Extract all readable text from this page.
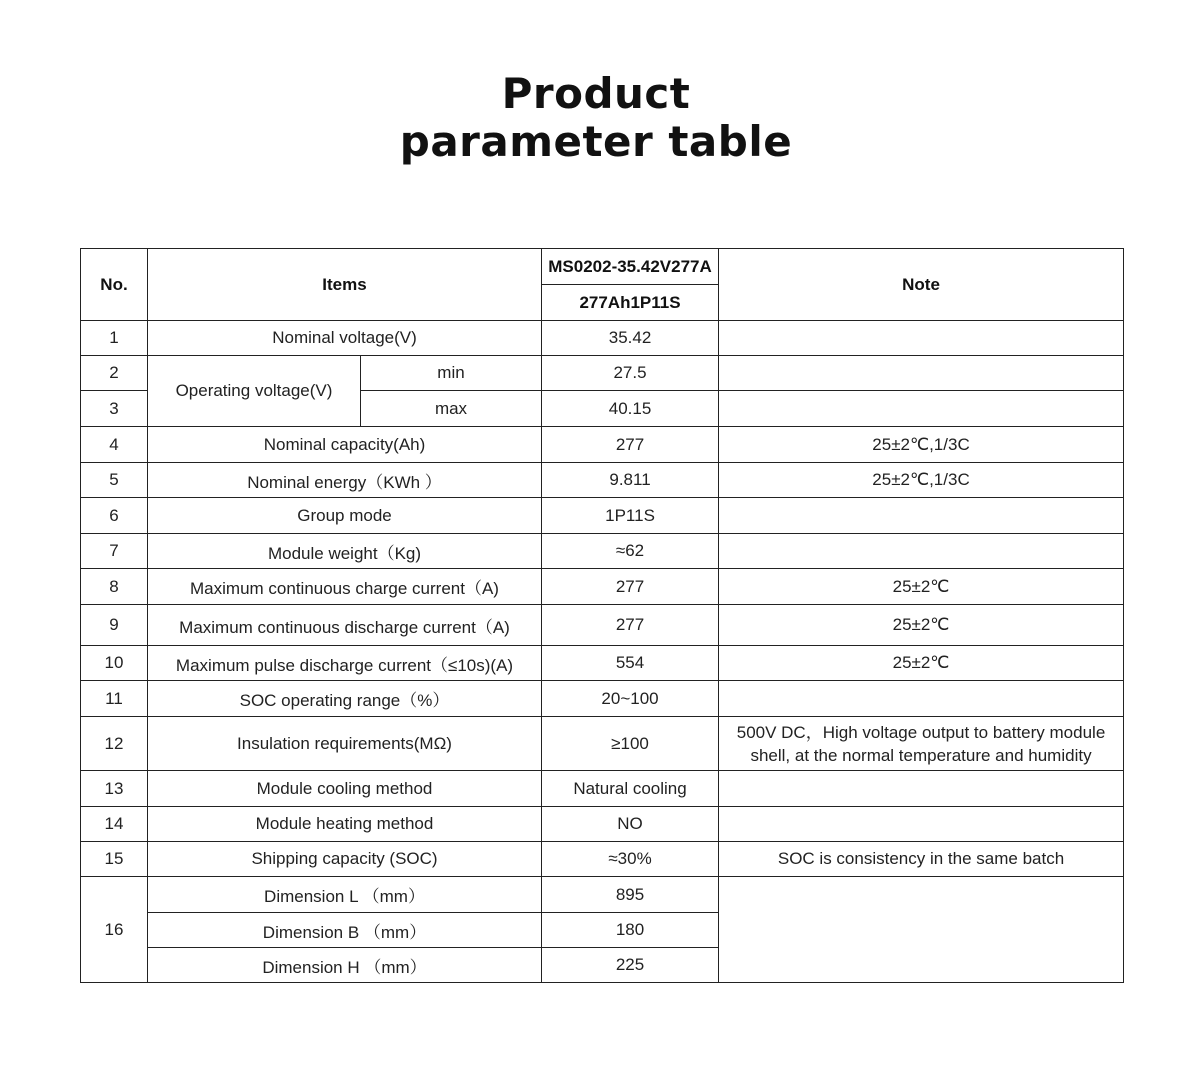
Product
parameter table
No.	Items		MS0202-35.42V277A	Note
			277Ah1P11S	
1	Nominal voltage(V)		35.42	
2	Operating voltage(V)	min	27.5	
3		max	40.15	
4	Nominal capacity(Ah)		277	25±2℃,1/3C
5	Nominal energy（KWh ）		9.811	25±2℃,1/3C
6	Group mode		1P11S	
7	Module weight（Kg)		≈62	
8	Maximum continuous charge current（A)		277	25±2℃
9	Maximum continuous discharge current（A)		277	25±2℃
10	Maximum pulse discharge current（≤10s)(A)		554	25±2℃
11	SOC operating range（%）		20~100	
12	Insulation requirements(MΩ)		≥100	500V DC，High voltage output to battery module
shell, at the normal temperature and humidity

13	Module cooling method		Natural cooling	
14	Module heating method		NO	
15	Shipping capacity (SOC)		≈30%	SOC is consistency in the same batch
16	Dimension L （mm）		895	
	Dimension B （mm）		180	
	Dimension H （mm）		225	
